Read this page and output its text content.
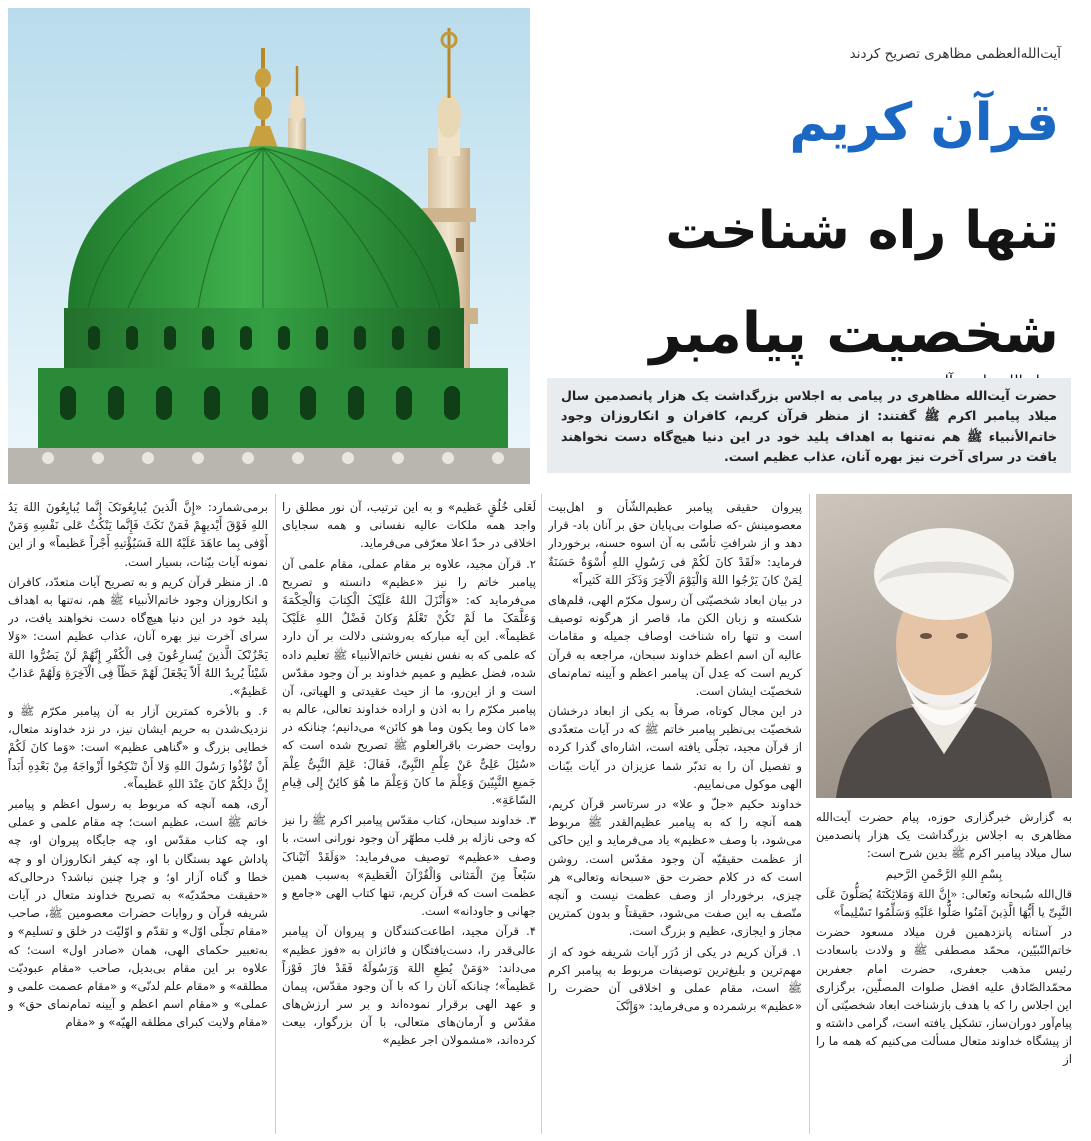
آیت‌الله‌العظمی مظاهری تصریح کردند
قرآن کریم
تنها راه شناخت
شخصیت پیامبر

حضرت آیت‌الله مظاهری در پیامی به اجلاس بزرگداشت یک هزار پانصدمین سال میلاد پیامبر اکرم ﷺ گفتند: از منظر قرآن کریم، کافران و انکاروزان وجود خاتم‌الأنبیاء ﷺ هم نه‌تنها به اهداف پلید خود در این دنیا هیچ‌گاه دست نخواهند یافت در سرای آخرت نیز بهره آنان، عذاب عظیم است.

به گزارش خبرگزاری حوزه، پیام حضرت آیت‌الله مظاهری به اجلاس بزرگداشت یک هزار پانصدمین سال میلاد پیامبر اکرم ﷺ بدین شرح است:

بِسْمِ اللهِ الرَّحْمنِ الرَّحیم

قال‌الله سُبحانه وتَعالی: «إِنَّ اللهَ وَمَلائِکَتَهُ یُصَلُّونَ عَلَی النَّبِیِّ یا أَیُّهَا الَّذِینَ آمَنُوا صَلُّوا عَلَیْهِ وَسَلِّمُوا تَسْلِیماً»

در آستانه پانزدهمین قرن میلاد مسعود حضرت خاتم‌النّبیّین، محمّد مصطفی ﷺ و ولادت باسعادت رئیس مذهب جعفری، حضرت امام جعفربن محمّدالصّادق علیه افضل صلوات المصلّین، برگزاری این اجلاس را که با هدف بازشناخت ابعاد شخصیّتی آن پیام‌آور دوران‌ساز، تشکیل یافته است، گرامی داشته و از پیشگاه خداوند متعال مسألت می‌کنیم که همه ما را از

پیروان حقیقی پیامبر عظیم‌الشّأن و اهل‌بیت معصومینش -که صلوات بی‌پایان حق بر آنان باد- قرار دهد و از شرافتِ تأسّی به آن اسوه حسنه، برخوردار فرماید: «لَقَدْ کانَ لَکُمْ فی رَسُولِ اللهِ أُسْوَةٌ حَسَنَةٌ لِمَنْ کانَ یَرْجُوا اللهَ وَالْیَوْمَ الْآخِرَ وَذَکَرَ اللهَ کَثیراً»

در بیان ابعاد شخصیّتی آن رسول مکرّم الهی، قلم‌های شکسته و زبان الکن ما، قاصر از هرگونه توصیف است و تنها راه شناخت اوصاف جمیله و مقامات عالیه آن اسم اعظم خداوند سبحان، مراجعه به قرآن کریم است که عِدل آن پیامبر اعظم و آیینه تمام‌نمای شخصیّت ایشان است.

در این مجال کوتاه، صرفاً به یکی از ابعاد درخشان شخصیّت بی‌نظیر پیامبر خاتم ﷺ که در آیات متعدّدی از قرآن مجید، تجلّی یافته است، اشاره‌ای گذرا کرده و تفصیل آن را به تدبّر شما عزیزان در آیات بیّنات الهی موکول می‌نماییم.

خداوند حکیم «جلّ و علا» در سرتاسر قرآن کریم، همه آنچه را که به پیامبر عظیم‌القدر ﷺ مربوط می‌شود، با وصف «عظیم» یاد می‌فرماید و این حاکی از عظمت حقیقیّه آن وجود مقدّس است. روشن است که در کلام حضرت حق «سبحانه وتعالی» هر چیزی، برخوردار از وصف عظمت نیست و آنچه متّصف به این صفت می‌شود، حقیقتاً و بدون کمترین مجاز و ایجازی، عظیم و بزرگ است.

۱. قرآن کریم در یکی از دُرَر آیات شریفه خود که از مهم‌ترین و بلیغ‌ترین توصیفات مربوط به پیامبر اکرم ﷺ است، مقام عملی و اخلاقی آن حضرت را «عظیم» برشمرده و می‌فرماید: «وَإِنَّکَ

لَعَلی خُلُقٍ عَظیم» و به این ترتیب، آن نور مطلق را واجد همه ملکات عالیه نفسانی و همه سجایای اخلاقی در حدّ اعلا معرّفی می‌فرماید.

۲. قرآن مجید، علاوه بر مقام عملی، مقام علمی آن پیامبر خاتم را نیز «عظیم» دانسته و تصریح می‌فرماید که: «وَأَنْزَلَ اللهُ عَلَیْکَ الْکِتابَ وَالْحِکْمَةَ وَعَلَّمَکَ ما لَمْ تَکُنْ تَعْلَمُ وَکانَ فَضْلُ اللهِ عَلَیْکَ عَظیماً». این آیه مبارکه به‌روشنی دلالت بر آن دارد که علمی که به نفس نفیس خاتم‌الأنبیاء ﷺ تعلیم داده شده، فضل عظیم و عمیم خداوند بر آن وجود مقدّس است و از این‌رو، ما از حیث عقیدتی و الهیاتی، آن پیامبر مکرّم را به اذن و اراده خداوند تعالی، عالم به «ما کان وما یکون وما هو کائن» می‌دانیم؛ چنانکه در روایت حضرت باقرالعلوم ﷺ تصریح شده است که «سُئِلَ عَلِیٌّ عَنْ عِلْمِ النَّبِیِّ، فَقالَ: عَلِمَ النَّبِیُّ عِلْمَ جَمیعِ النَّبِیّینَ وَعِلْمَ ما کانَ وَعِلْمَ ما هُوَ کائِنٌ إِلی قِیامِ السّاعَةِ».

۳. خداوند سبحان، کتاب مقدّس پیامبر اکرم ﷺ را نیز که وحی نازله بر قلب مطهّر آن وجود نورانی است، با وصف «عظیم» توصیف می‌فرماید: «وَلَقَدْ آتَیْناکَ سَبْعاً مِنَ الْمَثانی وَالْقُرْآنَ الْعَظیمَ» به‌سبب همین عظمت است که قرآن کریم، تنها کتاب الهی «جامع و جهانی و جاودانه» است.

۴. قرآن مجید، اطاعت‌کنندگان و پیروان آن پیامبر عالی‌قدر را، دست‌یافتگان و فائزان به «فوز عظیم» می‌داند: «وَمَنْ یُطِعِ اللهَ وَرَسُولَهُ فَقَدْ فازَ فَوْزاً عَظیماً»؛ چنانکه آنان را که با آن وجود مقدّس، پیمان و عهد الهی برقرار نموده‌اند و بر سر ارزش‌های مقدّس و آرمان‌های متعالی، با آن بزرگوار، بیعت کرده‌اند، «مشمولان اجر عظیم»

برمی‌شمارد: «إِنَّ الَّذینَ یُبایِعُونَکَ إِنَّما یُبایِعُونَ اللهَ یَدُ اللهِ فَوْقَ أَیْدیهِمْ فَمَنْ نَکَثَ فَإِنَّما یَنْکُثُ عَلی نَفْسِهِ وَمَنْ أَوْفی بِما عاهَدَ عَلَیْهُ اللهَ فَسَیُؤْتیهِ أَجْراً عَظیماً» و از این نمونه آیات بیّنات، بسیار است.

۵. از منظر قرآن کریم و به تصریح آیات متعدّد، کافران و انکاروزان وجود خاتم‌الأنبیاء ﷺ هم، نه‌تنها به اهداف پلید خود در این دنیا هیچ‌گاه دست نخواهند یافت، در سرای آخرت نیز بهره آنان، عذاب عظیم است: «وَلا یَحْزُنْکَ الَّذینَ یُسارِعُونَ فِی الْکُفْرِ إِنَّهُمْ لَنْ یَضُرُّوا اللهَ شَیْئاً یُریدُ اللهُ أَلاّ یَجْعَلَ لَهُمْ حَظّاً فِی الْآخِرَةِ وَلَهُمْ عَذابٌ عَظیمٌ».

۶. و بالأخره کمترین آزار به آن پیامبر مکرّم ﷺ و نزدیک‌شدن به حریم ایشان نیز، در نزد خداوند متعال، خطایی بزرگ و «گناهی عظیم» است: «وَما کانَ لَکُمْ أَنْ تُؤْذُوا رَسُولَ اللهِ وَلا أَنْ تَنْکِحُوا أَزْواجَهُ مِنْ بَعْدِهِ أَبَداً إِنَّ ذلِکُمْ کانَ عِنْدَ اللهِ عَظیماً».

آری، همه آنچه که مربوط به رسول اعظم و پیامبر خاتم ﷺ است، عظیم است؛ چه مقام علمی و عملی او، چه کتاب مقدّس او، چه جایگاه پیروان او، چه پاداش عهد بستگان با او، چه کیفر انکاروزان او و چه خطا و گناه آزار او؛ و چرا چنین نباشد؟ درحالی‌که «حقیقت محمّدیّه» به تصریح خداوند متعال در آیات شریفه قرآن و روایات حضرات معصومین ﷺ، صاحب «مقام تجلّی اوّل» و تقدّم و اوّلیّت در خلق و تسلیم» و به‌تعبیر حکمای الهی، همان «صادر اول» است؛ که علاوه بر این مقام بی‌بدیل، صاحب «مقام عبودیّت مطلقه» و «مقام علم لدنّی» و «مقام عصمت علمی و عملی» و «مقام اسم اعظم و آیینه تمام‌نمای حق» و «مقام ولایت کبرای مطلقه الهیّه» و «مقام
